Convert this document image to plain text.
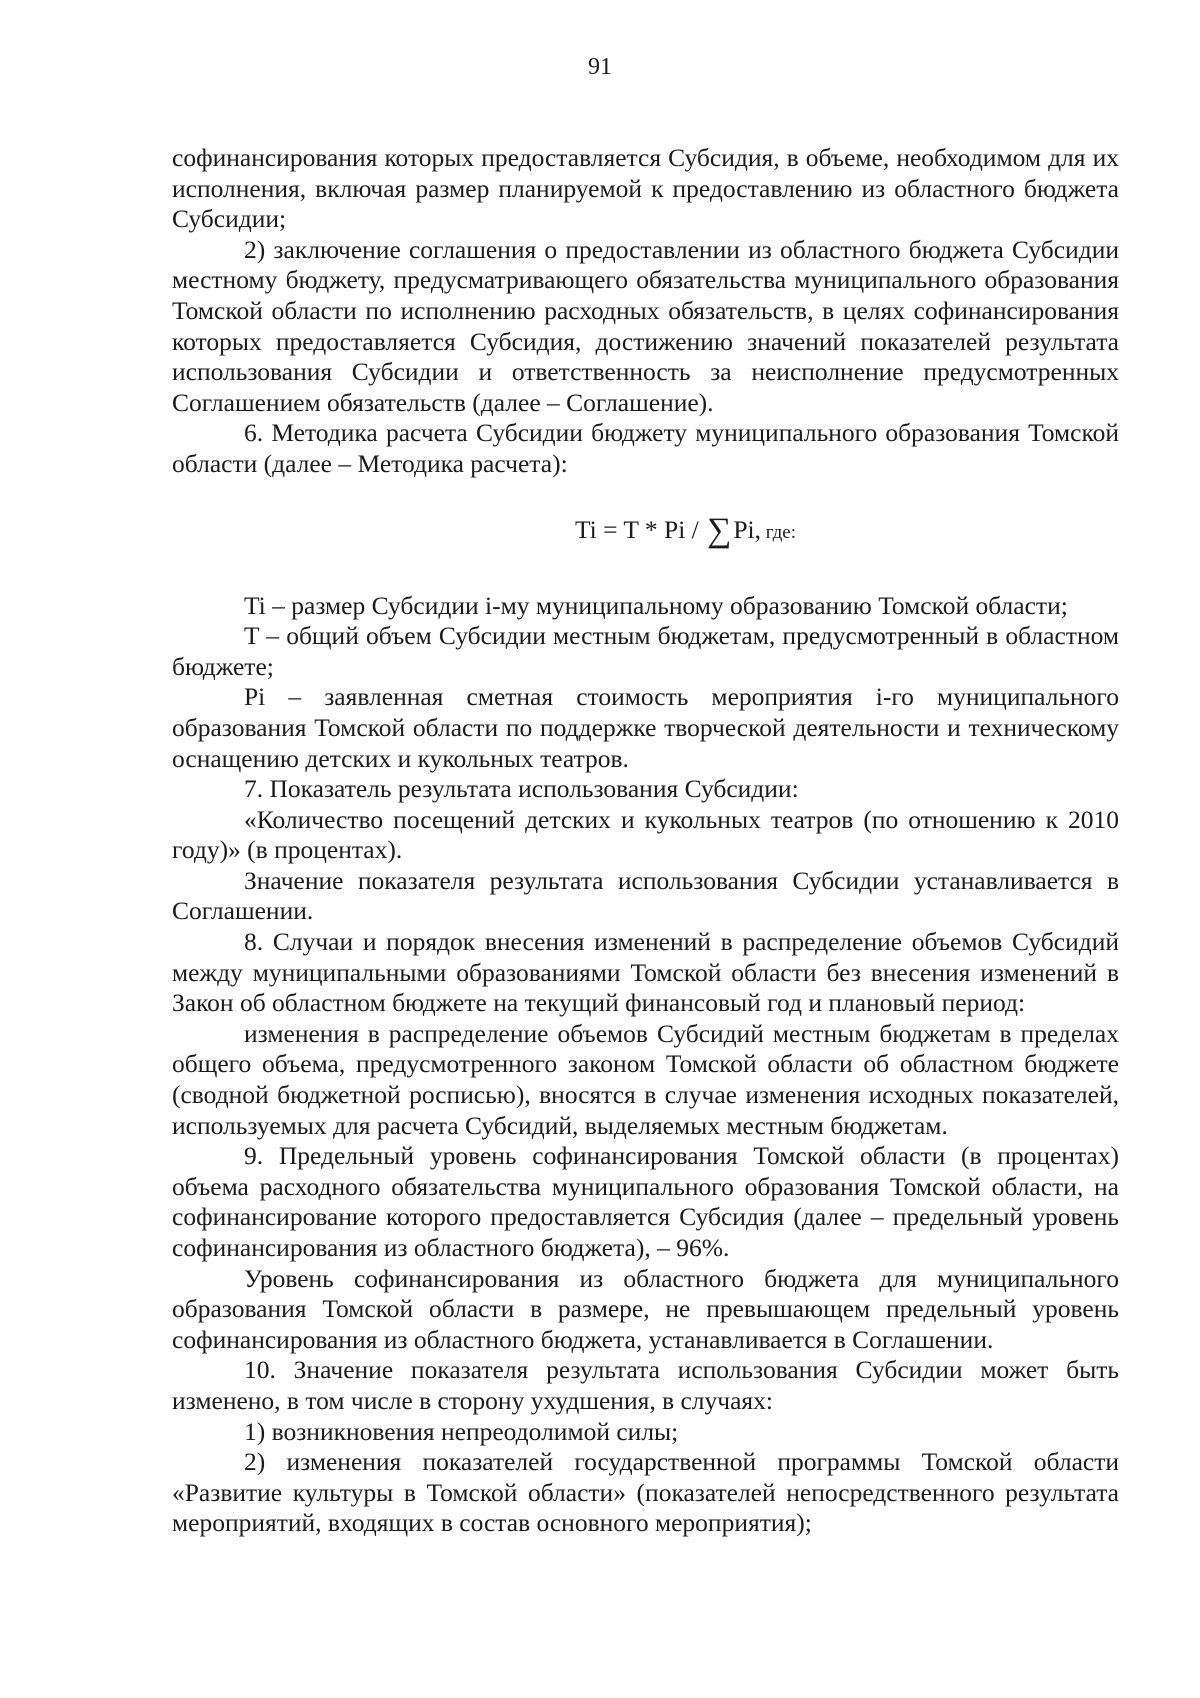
91

софинансирования которых предоставляется Субсидия, в объеме, необходимом для их исполнения, включая размер планируемой к предоставлению из областного бюджета Субсидии;

2) заключение соглашения о предоставлении из областного бюджета Субсидии местному бюджету, предусматривающего обязательства муниципального образования Томской области по исполнению расходных обязательств, в целях софинансирования которых предоставляется Субсидия, достижению значений показателей результата использования Субсидии и ответственность за неисполнение предусмотренных Соглашением обязательств (далее – Соглашение).

6. Методика расчета Субсидии бюджету муниципального образования Томской области (далее – Методика расчета):

Ti = T * Pi / ∑Pi, где:

Ti – размер Субсидии i-му муниципальному образованию Томской области;

T – общий объем Субсидии местным бюджетам, предусмотренный в областном бюджете;

Pi – заявленная сметная стоимость мероприятия i-го муниципального образования Томской области по поддержке творческой деятельности и техническому оснащению детских и кукольных театров.

7. Показатель результата использования Субсидии:

«Количество посещений детских и кукольных театров (по отношению к 2010 году)» (в процентах).

Значение показателя результата использования Субсидии устанавливается в Соглашении.

8. Случаи и порядок внесения изменений в распределение объемов Субсидий между муниципальными образованиями Томской области без внесения изменений в Закон об областном бюджете на текущий финансовый год и плановый период:

изменения в распределение объемов Субсидий местным бюджетам в пределах общего объема, предусмотренного законом Томской области об областном бюджете (сводной бюджетной росписью), вносятся в случае изменения исходных показателей, используемых для расчета Субсидий, выделяемых местным бюджетам.

9. Предельный уровень софинансирования Томской области (в процентах) объема расходного обязательства муниципального образования Томской области, на софинансирование которого предоставляется Субсидия (далее – предельный уровень софинансирования из областного бюджета), – 96%.

Уровень софинансирования из областного бюджета для муниципального образования Томской области в размере, не превышающем предельный уровень софинансирования из областного бюджета, устанавливается в Соглашении.

10. Значение показателя результата использования Субсидии может быть изменено, в том числе в сторону ухудшения, в случаях:

1) возникновения непреодолимой силы;

2) изменения показателей государственной программы Томской области «Развитие культуры в Томской области» (показателей непосредственного результата мероприятий, входящих в состав основного мероприятия);
